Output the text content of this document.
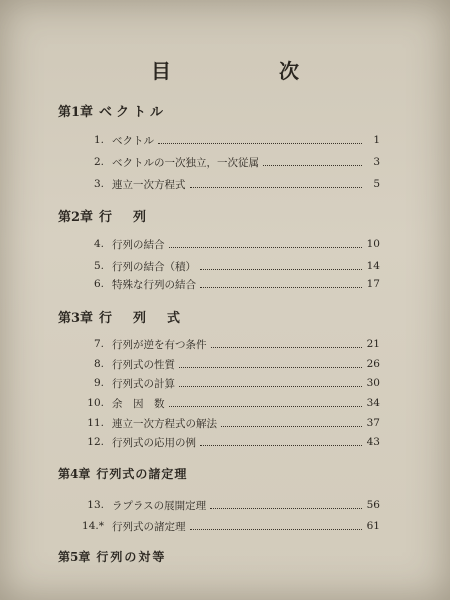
目　次
第1章 ベクトル
1. ベクトル	1
2. ベクトルの一次独立，一次従属	3
3. 連立一次方程式	5
第2章 行　列
4. 行列の結合	10
5. 行列の結合（積）	14
6. 特殊な行列の結合	17
第3章 行　列　式
7. 行列が逆を有つ条件	21
8. 行列式の性質	26
9. 行列式の計算	30
10. 余　因　数	34
11. 連立一次方程式の解法	37
12. 行列式の応用の例	43
第4章 行列式の諸定理
13. ラプラスの展開定理	56
14.* 行列式の諸定理	61
第5章 行列の対等
